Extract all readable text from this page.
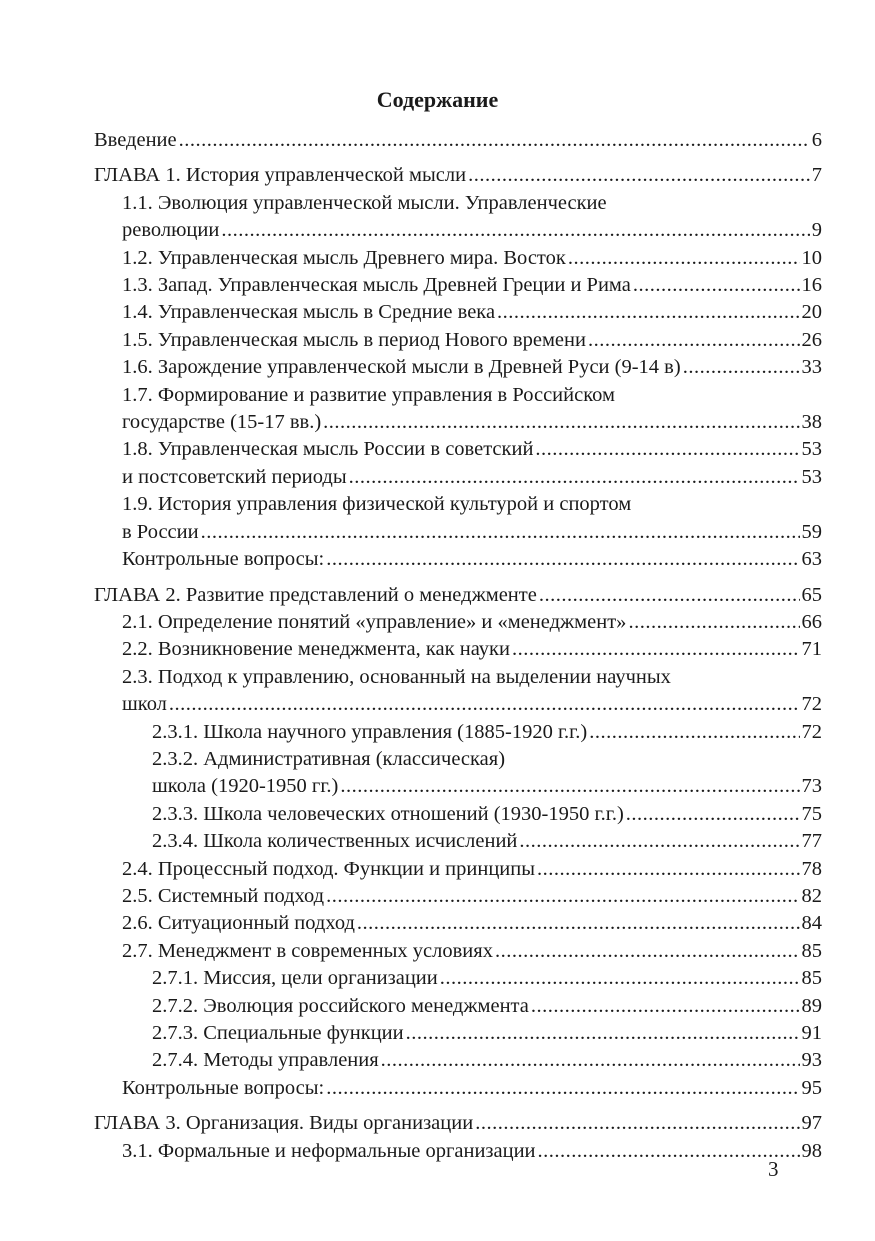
Содержание
Введение .....	6
ГЛАВА 1. История управленческой мысли .....	7
1.1. Эволюция управленческой мысли. Управленческие
революции .....	9
1.2. Управленческая мысль Древнего мира. Восток .....	10
1.3. Запад. Управленческая мысль Древней Греции и Рима .....	16
1.4. Управленческая мысль в Средние века .....	20
1.5. Управленческая мысль в период Нового времени .....	26
1.6. Зарождение управленческой мысли в Древней Руси (9-14 в) .....	33
1.7. Формирование и развитие управления в Российском
государстве (15-17 вв.) .....	38
1.8. Управленческая мысль России в советский .....	53
и постсоветский периоды .....	53
1.9. История управления физической культурой и спортом
в России .....	59
Контрольные вопросы: .....	63
ГЛАВА 2. Развитие представлений о менеджменте .....	65
2.1. Определение понятий «управление» и «менеджмент» .....	66
2.2. Возникновение менеджмента, как науки .....	71
2.3. Подход к управлению, основанный на выделении научных
школ .....	72
2.3.1. Школа научного управления (1885-1920 г.г.) .....	72
2.3.2. Административная (классическая)
школа (1920-1950 гг.) .....	73
2.3.3. Школа человеческих отношений (1930-1950 г.г.) .....	75
2.3.4. Школа количественных исчислений .....	77
2.4. Процессный подход. Функции и принципы .....	78
2.5. Системный подход .....	82
2.6. Ситуационный подход .....	84
2.7. Менеджмент в современных условиях .....	85
2.7.1. Миссия, цели организации .....	85
2.7.2. Эволюция российского менеджмента .....	89
2.7.3. Специальные функции .....	91
2.7.4. Методы управления .....	93
Контрольные вопросы: .....	95
ГЛАВА 3. Организация. Виды организации .....	97
3.1. Формальные и неформальные организации .....	98
3
